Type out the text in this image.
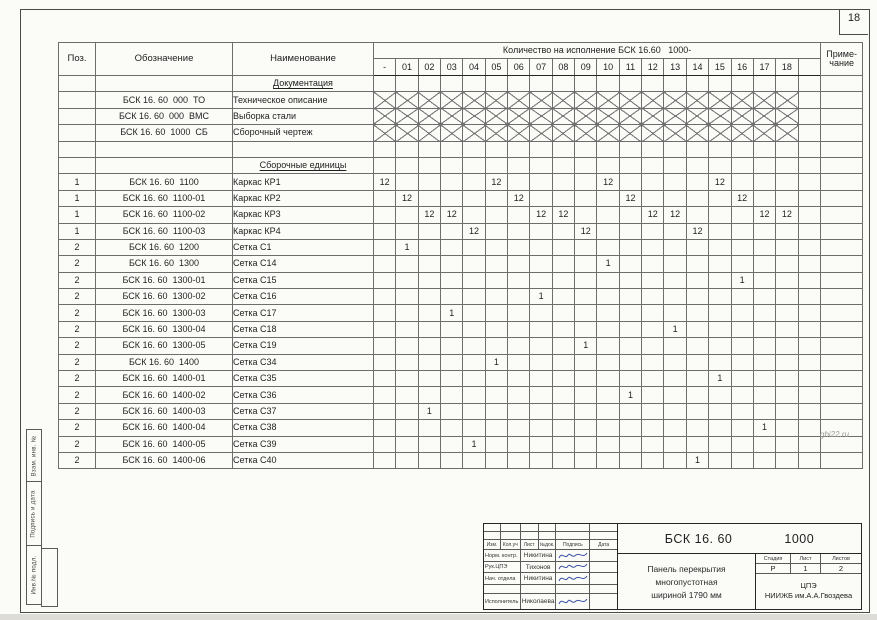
18
Взам. инв. №
Подпись и дата
Инв.№ подл.
Поз.	Обозначение	Наименование	Количество на исполнение БСК 16.60   1000-																				Приме-
чание

			-	01	02	03	04	05	06	07	08	09	10	11	12	13	14	15	16	17	18		
		Документация																					
	БСК 16. 60  000  ТО	Техническое описание																					
	БСК 16. 60  000  ВМС	Выборка стали																					
	БСК 16. 60  1000  СБ	Сборочный чертеж																					

		Сборочные единицы																					
1	БСК 16. 60  1100	Каркас КР1	12					12					12					12					
1	БСК 16. 60  1100-01	Каркас КР2		12					12					12					12				
1	БСК 16. 60  1100-02	Каркас КР3			12	12				12	12				12	12				12	12		
1	БСК 16. 60  1100-03	Каркас КР4					12					12					12						
2	БСК 16. 60  1200	Сетка С1		1																			
2	БСК 16. 60  1300	Сетка С14											1										
2	БСК 16. 60  1300-01	Сетка С15																	1				
2	БСК 16. 60  1300-02	Сетка С16								1													
2	БСК 16. 60  1300-03	Сетка С17				1																	
2	БСК 16. 60  1300-04	Сетка С18														1							
2	БСК 16. 60  1300-05	Сетка С19										1											
2	БСК 16. 60  1400	Сетка С34						1															
2	БСК 16. 60  1400-01	Сетка С35																1					
2	БСК 16. 60  1400-02	Сетка С36												1									
2	БСК 16. 60  1400-03	Сетка С37			1																		
2	БСК 16. 60  1400-04	Сетка С38																		1			
2	БСК 16. 60  1400-05	Сетка С39					1																
2	БСК 16. 60  1400-06	Сетка С40															1						
gbi22.ru
Изм.	Кол.уч	Лист	№док.	Подпись	Дата
Норм. контр. Никитина
Рук.ЦПЭ	Тихонов
Нач. отдела	Никитина
Исполнитель Николаева
БСК 16. 60	1000
Панель перекрытия
многопустотная
шириной 1790 мм
Стадия	Лист	Листов
Р	1	2
ЦПЭ
НИИЖБ им.А.А.Гвоздева
